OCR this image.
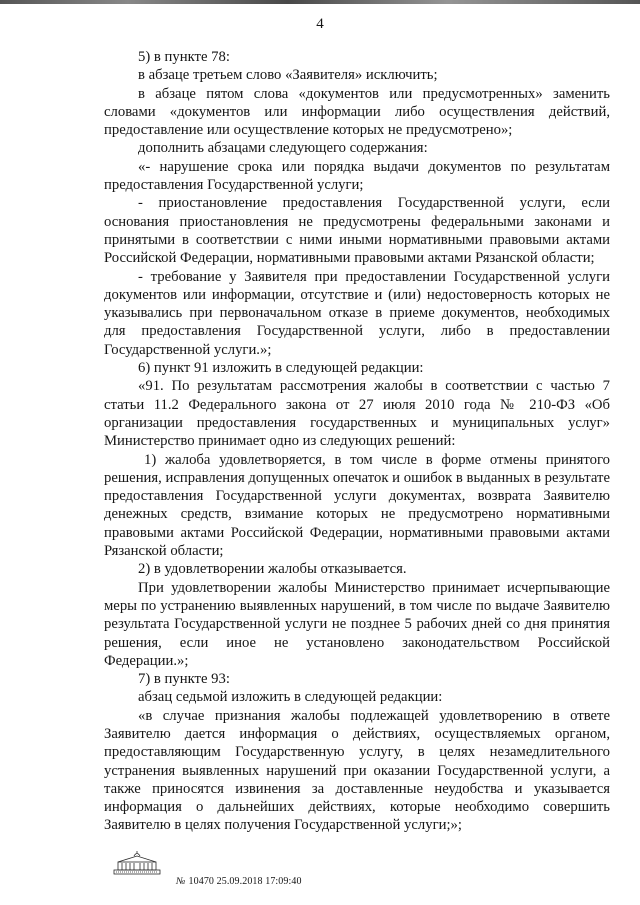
4

5) в пункте 78:

в абзаце третьем слово «Заявителя» исключить;

в абзаце пятом слова «документов или предусмотренных» заменить словами «документов или информации либо осуществления действий, предоставление или осуществление которых не предусмотрено»;

дополнить абзацами следующего содержания:

«- нарушение срока или порядка выдачи документов по результатам предоставления Государственной услуги;

- приостановление предоставления Государственной услуги, если основания приостановления не предусмотрены федеральными законами и принятыми в соответствии с ними иными нормативными правовыми актами Российской Федерации, нормативными правовыми актами Рязанской области;

- требование у Заявителя при предоставлении Государственной услуги документов или информации, отсутствие и (или) недостоверность которых не указывались при первоначальном отказе в приеме документов, необходимых для предоставления Государственной услуги, либо в предоставлении Государственной услуги.»;

6) пункт 91 изложить в следующей редакции:

«91. По результатам рассмотрения жалобы в соответствии с частью 7 статьи 11.2 Федерального закона от 27 июля 2010 года № 210-ФЗ «Об организации предоставления государственных и муниципальных услуг» Министерство принимает одно из следующих решений:

1) жалоба удовлетворяется, в том числе в форме отмены принятого решения, исправления допущенных опечаток и ошибок в выданных в результате предоставления Государственной услуги документах, возврата Заявителю денежных средств, взимание которых не предусмотрено нормативными правовыми актами Российской Федерации, нормативными правовыми актами Рязанской области;

2) в удовлетворении жалобы отказывается.

При удовлетворении жалобы Министерство принимает исчерпывающие меры по устранению выявленных нарушений, в том числе по выдаче Заявителю результата Государственной услуги не позднее 5 рабочих дней со дня принятия решения, если иное не установлено законодательством Российской Федерации.»;

7) в пункте 93:

абзац седьмой изложить в следующей редакции:

«в случае признания жалобы подлежащей удовлетворению в ответе Заявителю дается информация о действиях, осуществляемых органом, предоставляющим Государственную услугу, в целях незамедлительного устранения выявленных нарушений при оказании Государственной услуги, а также приносятся извинения за доставленные неудобства и указывается информация о дальнейших действиях, которые необходимо совершить Заявителю в целях получения Государственной услуги;»;

№ 10470 25.09.2018 17:09:40
